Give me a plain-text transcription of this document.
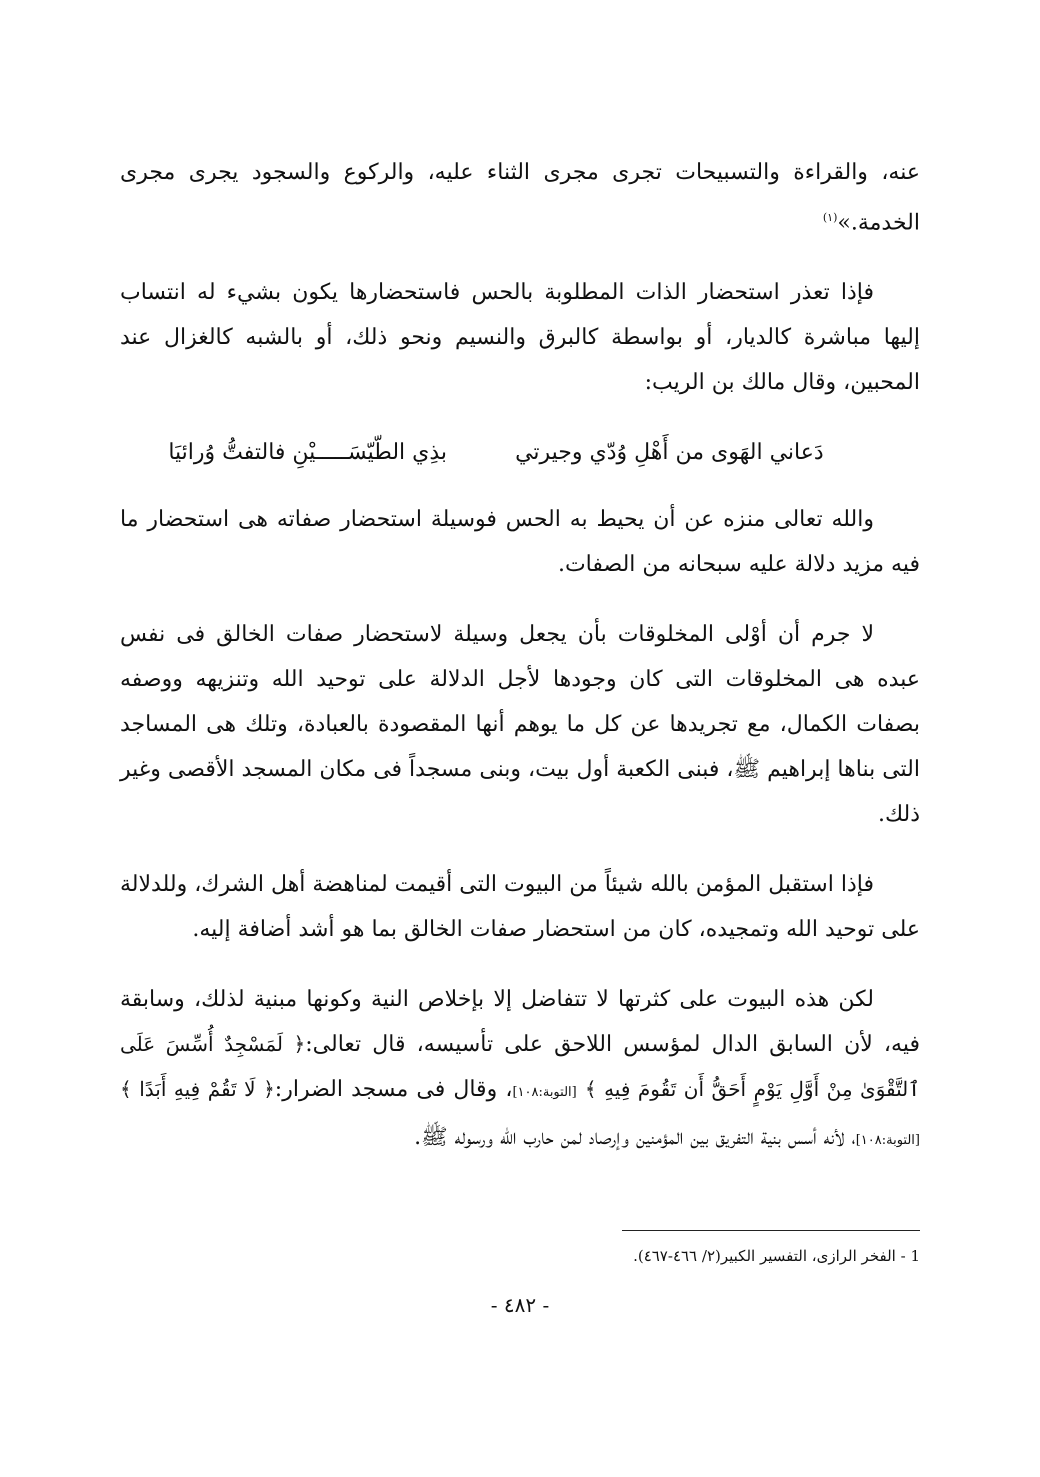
عنه، والقراءة والتسبيحات تجرى مجرى الثناء عليه، والركوع والسجود يجرى مجرى الخدمة.»$^{(١)}$

فإذا تعذر استحضار الذات المطلوبة بالحس فاستحضارها يكون بشيء له انتساب إليها مباشرة كالديار، أو بواسطة كالبرق والنسيم ونحو ذلك، أو بالشبه كالغزال عند المحبين، وقال مالك بن الريب:

دَعاني الهَوى من أَهْلِ وُدّي وجيرتي
بذِي الطّيّسَـــــيْنِ فالتفتُّ وُرائيَا

والله تعالى منزه عن أن يحيط به الحس فوسيلة استحضار صفاته هى استحضار ما فيه مزيد دلالة عليه سبحانه من الصفات.

لا جرم أن أوْلى المخلوقات بأن يجعل وسيلة لاستحضار صفات الخالق فى نفس عبده هى المخلوقات التى كان وجودها لأجل الدلالة على توحيد الله وتنزيهه ووصفه بصفات الكمال، مع تجريدها عن كل ما يوهم أنها المقصودة بالعبادة، وتلك هى المساجد التى بناها إبراهيم ﷺ، فبنى الكعبة أول بيت، وبنى مسجداً فى مكان المسجد الأقصى وغير ذلك.

فإذا استقبل المؤمن بالله شيئاً من البيوت التى أقيمت لمناهضة أهل الشرك، وللدلالة على توحيد الله وتمجيده، كان من استحضار صفات الخالق بما هو أشد أضافة إليه.

لكن هذه البيوت على كثرتها لا تتفاضل إلا بإخلاص النية وكونها مبنية لذلك، وسابقة فيه، لأن السابق الدال لمؤسس اللاحق على تأسيسه، قال تعالى:﴿ لَمَسْجِدٌ أُسِّسَ عَلَى ٱلتَّقْوَىٰ مِنْ أَوَّلِ يَوْمٍ أَحَقُّ أَن تَقُومَ فِيهِ ﴾ [التوبة:١٠٨]، وقال فى مسجد الضرار:﴿ لَا تَقُمْ فِيهِ أَبَدًا ﴾ [التوبة:١٠٨]، لأنه أسس بنية التفريق بين المؤمنين وإرصاد لمن حارب الله ورسوله ﷺ.

1 - الفخر الرازى، التفسير الكبير(٢/ ٤٦٦-٤٦٧).
- ٤٨٢ -
